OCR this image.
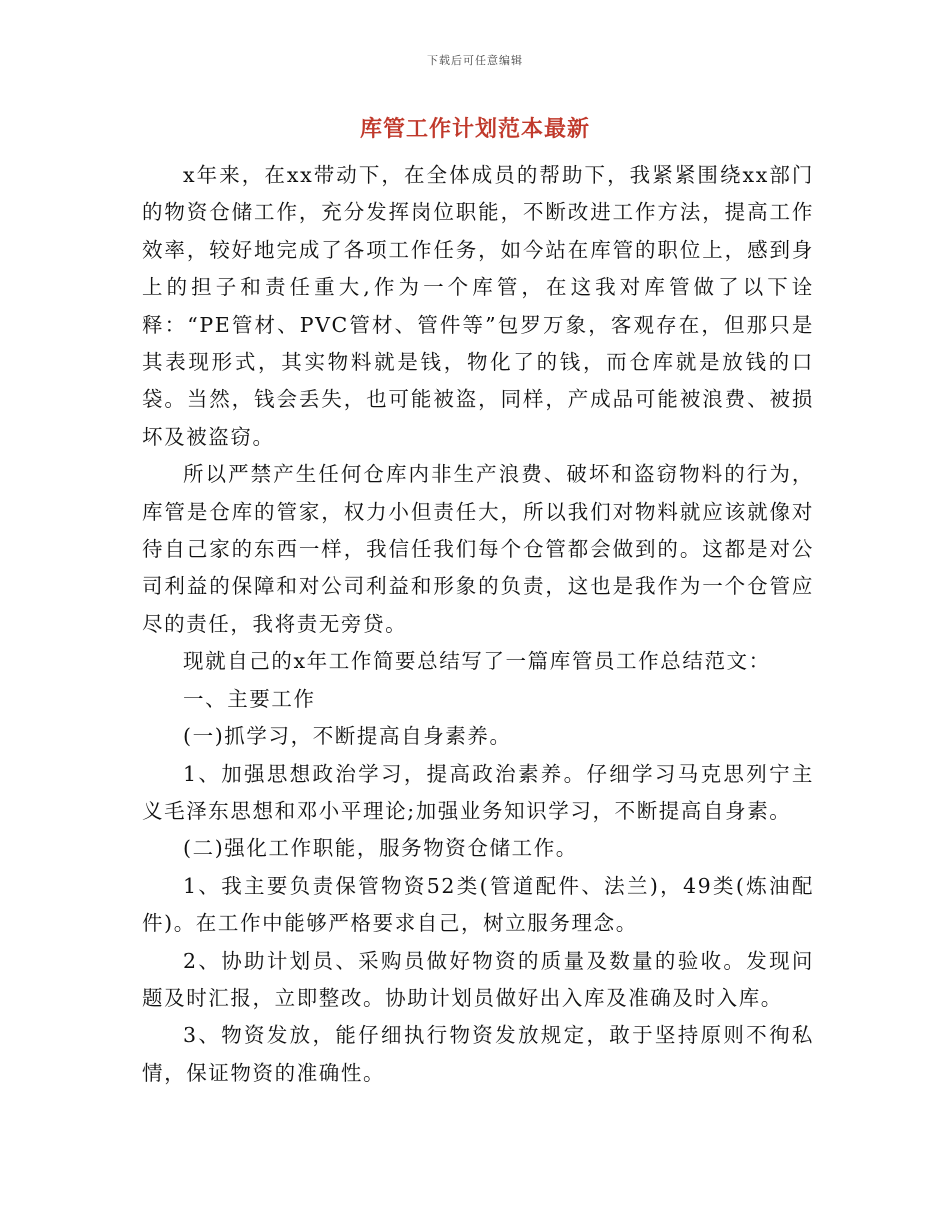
下载后可任意编辑
库管工作计划范本最新

x年来，在xx带动下，在全体成员的帮助下，我紧紧围绕xx部门的物资仓储工作，充分发挥岗位职能，不断改进工作方法，提高工作效率，较好地完成了各项工作任务，如今站在库管的职位上，感到身上的担子和责任重大,作为一个库管，在这我对库管做了以下诠释：“PE管材、PVC管材、管件等”包罗万象，客观存在，但那只是其表现形式，其实物料就是钱，物化了的钱，而仓库就是放钱的口袋。当然，钱会丢失，也可能被盗，同样，产成品可能被浪费、被损坏及被盗窃。

所以严禁产生任何仓库内非生产浪费、破坏和盗窃物料的行为，库管是仓库的管家，权力小但责任大，所以我们对物料就应该就像对待自己家的东西一样，我信任我们每个仓管都会做到的。这都是对公司利益的保障和对公司利益和形象的负责，这也是我作为一个仓管应尽的责任，我将责无旁贷。

现就自己的x年工作简要总结写了一篇库管员工作总结范文：

一、主要工作

(一)抓学习，不断提高自身素养。

1、加强思想政治学习，提高政治素养。仔细学习马克思列宁主义毛泽东思想和邓小平理论;加强业务知识学习，不断提高自身素。

(二)强化工作职能，服务物资仓储工作。

1、我主要负责保管物资52类(管道配件、法兰)，49类(炼油配件)。在工作中能够严格要求自己，树立服务理念。

2、协助计划员、采购员做好物资的质量及数量的验收。发现问题及时汇报，立即整改。协助计划员做好出入库及准确及时入库。

3、物资发放，能仔细执行物资发放规定，敢于坚持原则不徇私情，保证物资的准确性。
